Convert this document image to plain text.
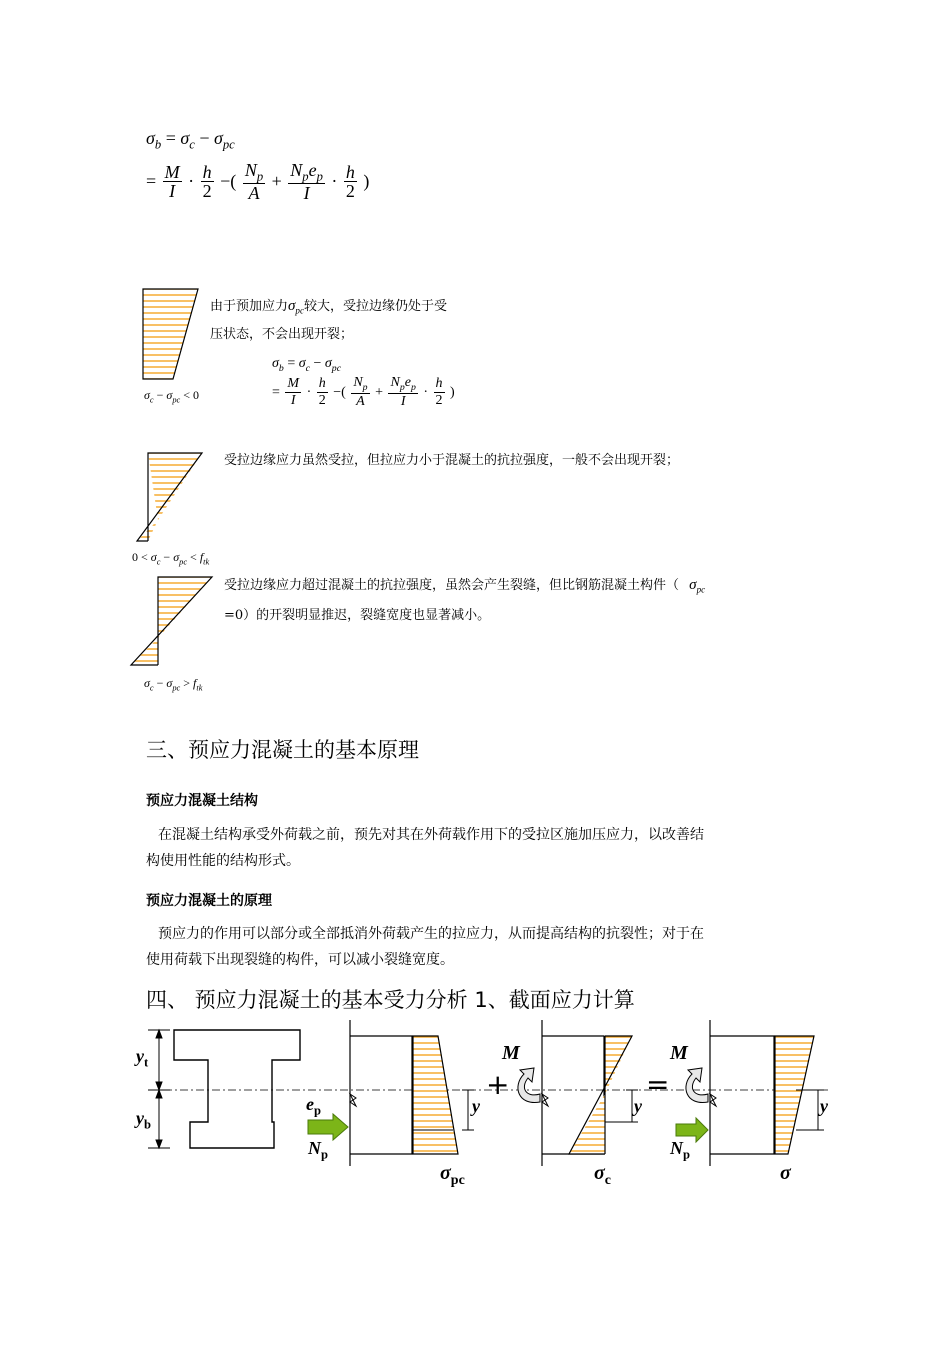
$\sigma_b = \sigma_c - \sigma_{pc}$
= $\frac{M}{I} \cdot \frac{h}{2}$ −( $\frac{N_p}{A} + \frac{N_pe_p}{I} \cdot \frac{h}{2}$ )
由于预加应力$\sigma_{pc}$较大，受拉边缘仍处于受
压状态，不会出现开裂；
$\sigma_b = \sigma_c - \sigma_{pc}$
= $\frac{M}{I} \cdot \frac{h}{2}$ −( $\frac{N_p}{A} + \frac{N_pe_p}{I} \cdot \frac{h}{2}$ )
$\sigma_c - \sigma_{pc} < 0$
受拉边缘应力虽然受拉，但拉应力小于混凝土的抗拉强度，一般不会出现开裂；
$0 < \sigma_c - \sigma_{pc} < f_{tk}$
受拉边缘应力超过混凝土的抗拉强度，虽然会产生裂缝，但比钢筋混凝土构件（ $\sigma_{pc}$
=0）的开裂明显推迟，裂缝宽度也显著减小。
$\sigma_c - \sigma_{pc} > f_{tk}$
三、预应力混凝土的基本原理
预应力混凝土结构
在混凝土结构承受外荷载之前，预先对其在外荷载作用下的受拉区施加压应力，以改善结
构使用性能的结构形式。
预应力混凝土的原理
预应力的作用可以部分或全部抵消外荷载产生的拉应力，从而提高结构的抗裂性；对于在
使用荷载下出现裂缝的构件，可以减小裂缝宽度。
四、 预应力混凝土的基本受力分析 1、截面应力计算
$y_t$
$y_b$
$e_p$
$N_p$
y
+
M
y
=
M
$N_p$
y
$\sigma_{pc}$	$\sigma_c$	σ
